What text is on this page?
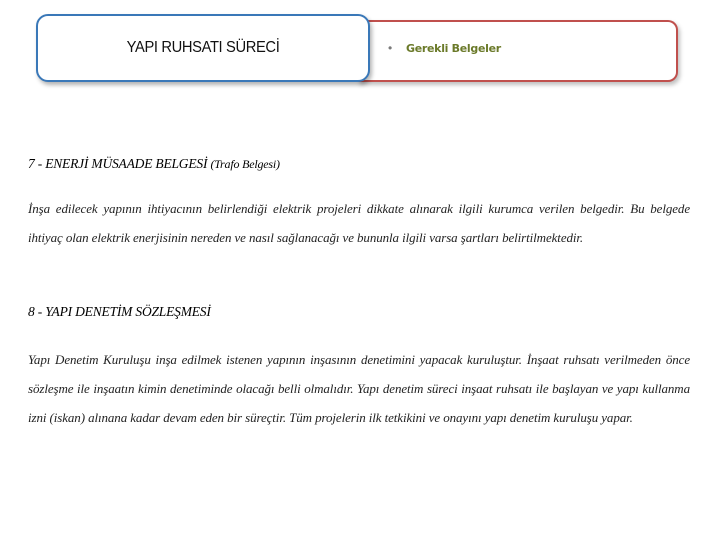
• Gerekli Belgeler
YAPI RUHSATI SÜRECİ
7 - ENERJİ MÜSAADE BELGESİ (Trafo Belgesi)
İnşa edilecek yapının ihtiyacının belirlendiği elektrik projeleri dikkate alınarak ilgili kurumca verilen belgedir. Bu belgede ihtiyaç olan elektrik enerjisinin nereden ve nasıl sağlanacağı ve bununla ilgili varsa şartları belirtilmektedir.
8 - YAPI DENETİM SÖZLEŞMESİ
Yapı Denetim Kuruluşu inşa edilmek istenen yapının inşasının denetimini yapacak kuruluştur. İnşaat ruhsatı verilmeden önce sözleşme ile inşaatın kimin denetiminde olacağı belli olmalıdır. Yapı denetim süreci inşaat ruhsatı ile başlayan ve yapı kullanma izni (iskan) alınana kadar devam eden bir süreçtir. Tüm projelerin ilk tetkikini ve onayını yapı denetim kuruluşu yapar.
